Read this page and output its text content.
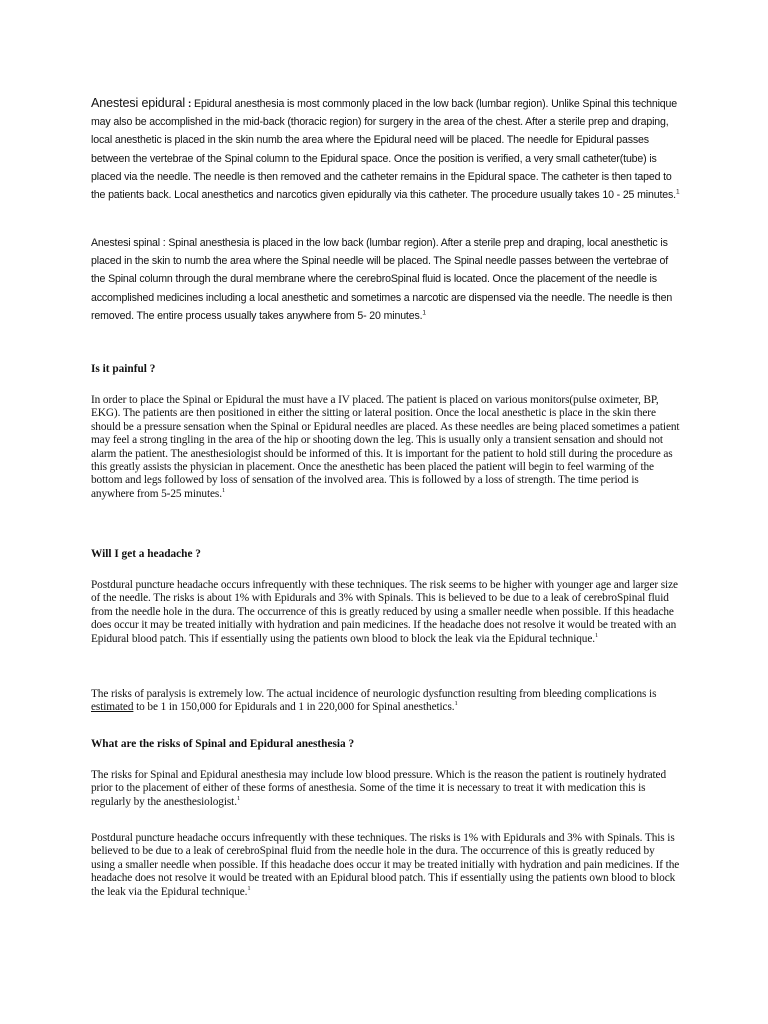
Anestesi epidural : Epidural anesthesia is most commonly placed in the low back (lumbar region). Unlike Spinal this technique may also be accomplished in the mid-back (thoracic region) for surgery in the area of the chest. After a sterile prep and draping, local anesthetic is placed in the skin numb the area where the Epidural need will be placed. The needle for Epidural passes between the vertebrae of the Spinal column to the Epidural space. Once the position is verified, a very small catheter(tube) is placed via the needle. The needle is then removed and the catheter remains in the Epidural space. The catheter is then taped to the patients back. Local anesthetics and narcotics given epidurally via this catheter. The procedure usually takes 10 - 25 minutes.$^1$

Anestesi spinal : Spinal anesthesia is placed in the low back (lumbar region). After a sterile prep and draping, local anesthetic is placed in the skin to numb the area where the Spinal needle will be placed. The Spinal needle passes between the vertebrae of the Spinal column through the dural membrane where the cerebroSpinal fluid is located. Once the placement of the needle is accomplished medicines including a local anesthetic and sometimes a narcotic are dispensed via the needle. The needle is then removed. The entire process usually takes anywhere from 5- 20 minutes.$^1$

Is it painful ?

In order to place the Spinal or Epidural the must have a IV placed. The patient is placed on various monitors(pulse oximeter, BP, EKG). The patients are then positioned in either the sitting or lateral position. Once the local anesthetic is place in the skin there should be a pressure sensation when the Spinal or Epidural needles are placed. As these needles are being placed sometimes a patient may feel a strong tingling in the area of the hip or shooting down the leg. This is usually only a transient sensation and should not alarm the patient. The anesthesiologist should be informed of this. It is important for the patient to hold still during the procedure as this greatly assists the physician in placement. Once the anesthetic has been placed the patient will begin to feel warming of the bottom and legs followed by loss of sensation of the involved area. This is followed by a loss of strength. The time period is anywhere from 5-25 minutes.$^1$

Will I get a headache ?

Postdural puncture headache occurs infrequently with these techniques. The risk seems to be higher with younger age and larger size of the needle. The risks is about 1% with Epidurals and 3% with Spinals. This is believed to be due to a leak of cerebroSpinal fluid from the needle hole in the dura. The occurrence of this is greatly reduced by using a smaller needle when possible. If this headache does occur it may be treated initially with hydration and pain medicines. If the headache does not resolve it would be treated with an Epidural blood patch. This if essentially using the patients own blood to block the leak via the Epidural technique.$^1$

The risks of paralysis is extremely low. The actual incidence of neurologic dysfunction resulting from bleeding complications is estimated to be 1 in 150,000 for Epidurals and 1 in 220,000 for Spinal anesthetics.$^1$

What are the risks of Spinal and Epidural anesthesia ?

The risks for Spinal and Epidural anesthesia may include low blood pressure. Which is the reason the patient is routinely hydrated prior to the placement of either of these forms of anesthesia. Some of the time it is necessary to treat it with medication this is regularly by the anesthesiologist.$^1$

Postdural puncture headache occurs infrequently with these techniques. The risks is 1% with Epidurals and 3% with Spinals. This is believed to be due to a leak of cerebroSpinal fluid from the needle hole in the dura. The occurrence of this is greatly reduced by using a smaller needle when possible. If this headache does occur it may be treated initially with hydration and pain medicines. If the headache does not resolve it would be treated with an Epidural blood patch. This if essentially using the patients own blood to block the leak via the Epidural technique.$^1$
